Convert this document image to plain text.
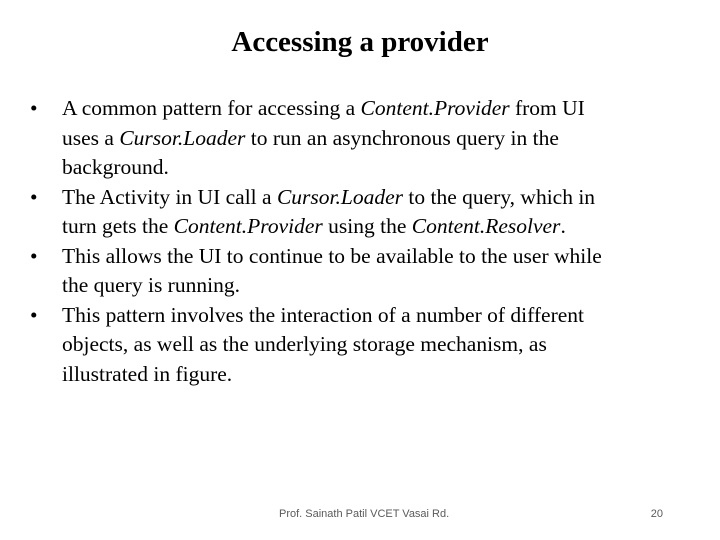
Accessing a provider
• A common pattern for accessing a Content.Provider from UI
uses a Cursor.Loader to run an asynchronous query in the
background.
• The Activity in UI call a Cursor.Loader to the query, which in
turn gets the Content.Provider using the Content.Resolver.
• This allows the UI to continue to be available to the user while
the query is running.
• This pattern involves the interaction of a number of different
objects, as well as the underlying storage mechanism, as
illustrated in figure.
Prof. Sainath Patil VCET Vasai Rd.	20
